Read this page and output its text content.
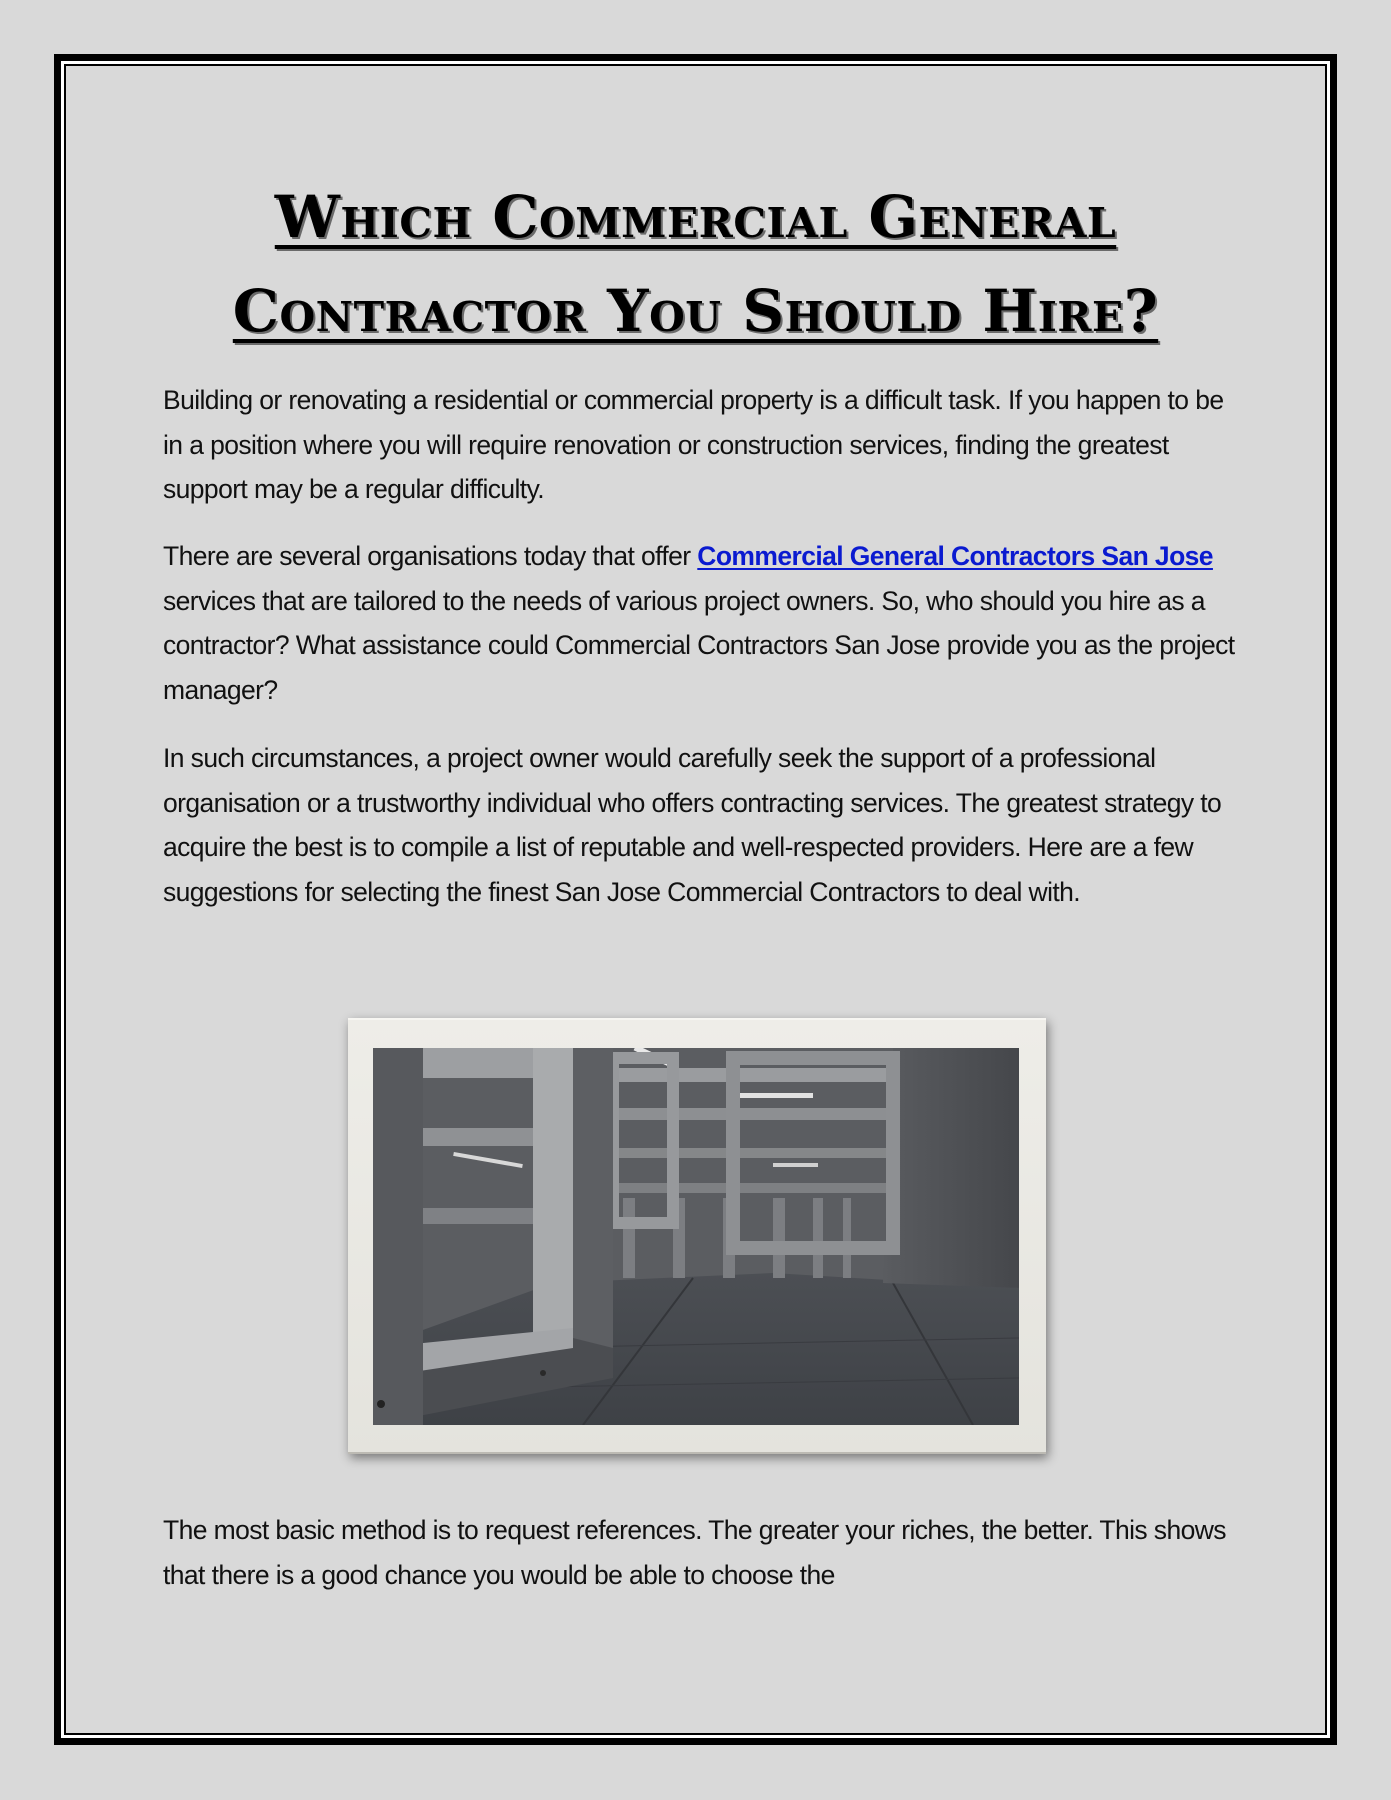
Which Commercial General
Contractor You Should Hire?

Building or renovating a residential or commercial property is a difficult task. If you happen to be in a position where you will require renovation or construction services, finding the greatest support may be a regular difficulty.

There are several organisations today that offer Commercial General Contractors San Jose services that are tailored to the needs of various project owners. So, who should you hire as a contractor? What assistance could Commercial Contractors San Jose provide you as the project manager?

In such circumstances, a project owner would carefully seek the support of a professional organisation or a trustworthy individual who offers contracting services. The greatest strategy to acquire the best is to compile a list of reputable and well-respected providers. Here are a few suggestions for selecting the finest San Jose Commercial Contractors to deal with.

The most basic method is to request references. The greater your riches, the better. This shows that there is a good chance you would be able to choose the
